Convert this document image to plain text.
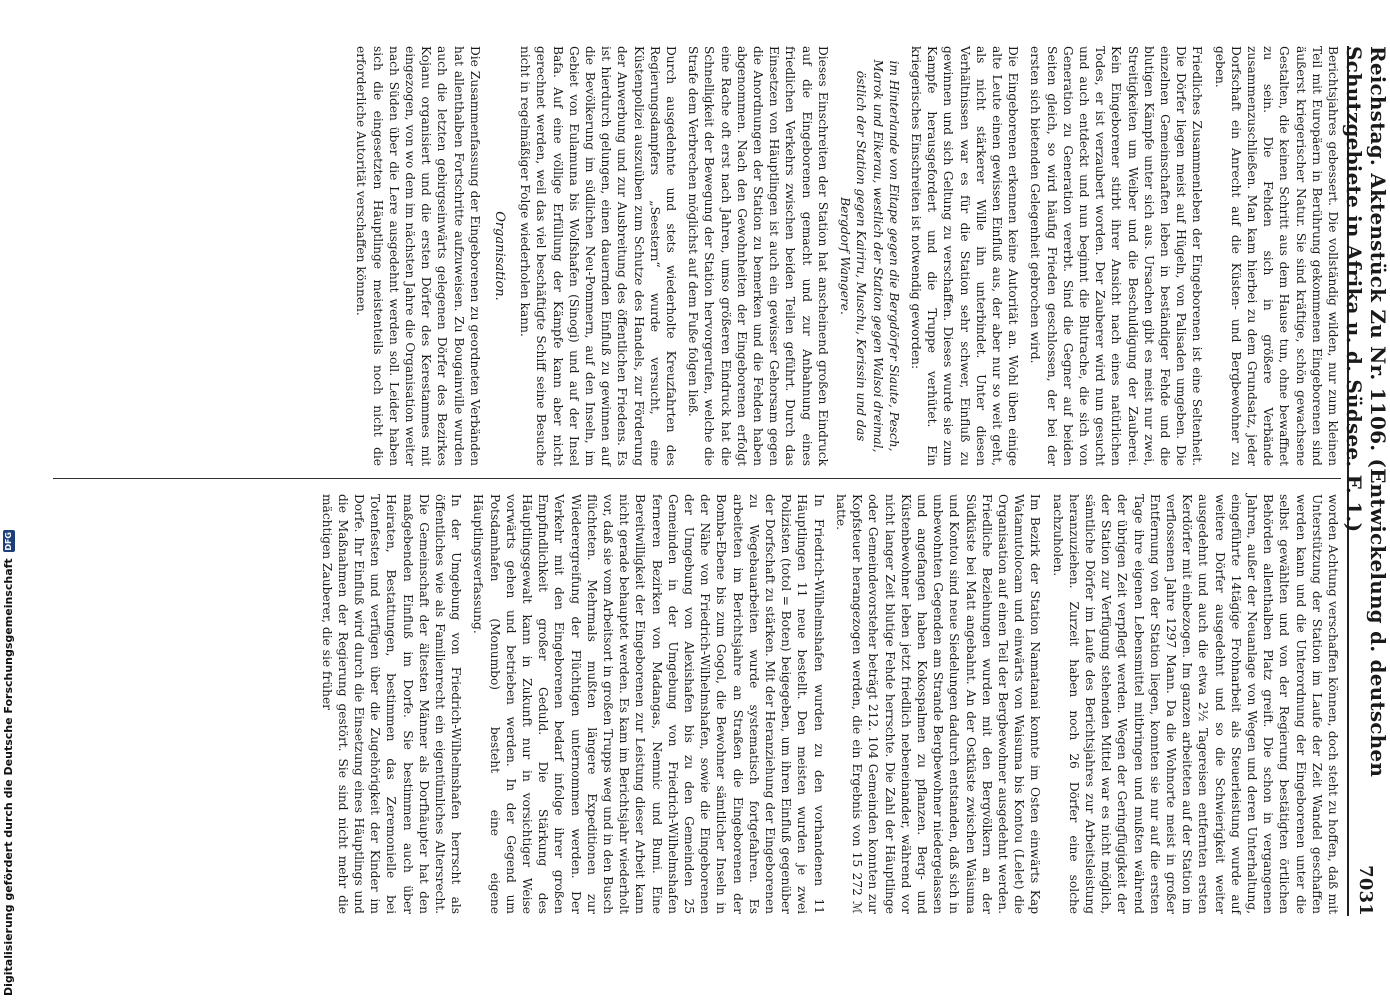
Reichstag. Aktenstück Zu Nr. 1106. (Entwickelung d. deutschen Schutzgebiete in Afrika u. d. Südsee. F. 1.)
7031

Berichtsjahres gebessert. Die vollständig wilden, nur zum kleinen Teil mit Europäern in Berührung gekommenen Eingeborenen sind äußerst kriegerischer Natur. Sie sind kräftige, schön gewachsene Gestalten, die keinen Schritt aus dem Hause tun, ohne bewaffnet zu sein. Die Fehden sich in größere Verbände zusammenzuschließen. Man kam hierbei zu dem Grundsatz, jeder Dorfschaft ein Anrecht auf die Küsten- und Bergbewohner zu geben.

Friedliches Zusammenleben der Eingeborenen ist eine Seltenheit. Die Dörfer liegen meist auf Hügeln, von Palisaden umgeben. Die einzelnen Gemeinschaften leben in beständiger Fehde und die blutigen Kämpfe unter sich aus. Ursachen gibt es meist nur zwei, Streitigkeiten um Weiber und die Beschuldigung der Zauberei. Kein Eingeborener stirbt ihrer Ansicht nach eines natürlichen Todes, er ist verzaubert worden. Der Zauberer wird nun gesucht und auch entdeckt und nun beginnt die Blutrache, die sich von Generation zu Generation vererbt. Sind die Gegner auf beiden Seiten gleich, so wird häufig Frieden geschlossen, der bei der ersten sich bietenden Gelegenheit gebrochen wird.

Die Eingeborenen erkennen keine Autorität an. Wohl üben einige alte Leute einen gewissen Einfluß aus, der aber nur so weit geht, als nicht stärkerer Wille ihn unterbindet. Unter diesen Verhältnissen war es für die Station sehr schwer, Einfluß zu gewinnen und sich Geltung zu verschaffen. Dieses wurde sie zum Kampfe herausgefordert und die Truppe verhütet. Ein kriegerisches Einschreiten ist notwendig geworden:

im Hinterlande von Eitape gegen die Bergdörfer Siaute, Pesch, Marok und Eikerau, westlich der Station gegen Walsoi dreimal, östlich der Station gegen Kairiru, Muschu, Kerissin und das Bergdorf Wangere.

Dieses Einschreiten der Station hat anscheinend großen Eindruck auf die Eingeborenen gemacht und zur Anbahnung eines friedlichen Verkehrs zwischen beiden Teilen geführt. Durch das Einsetzen von Häuptlingen ist auch ein gewisser Gehorsam gegen die Anordnungen der Station zu bemerken und die Fehden haben abgenommen. Nach den Gewohnheiten der Eingeborenen erfolgt eine Rache oft erst nach Jahren, umso größeren Eindruck hat die Schnelligkeit der Bewegung der Station hervorgerufen, welche die Strafe dem Verbrechen möglichst auf dem Fuße folgen ließ.

Durch ausgedehnte und stets wiederholte Kreuzfahrten des Regierungsdampfers „Seestern“ wurde versucht, eine Küstenpolizei auszuüben zum Schutze des Handels, zur Förderung der Anwerbung und zur Ausbreitung des öffentlichen Friedens. Es ist hierdurch gelungen, einen dauernden Einfluß zu gewinnen auf die Bevölkerung im südlichen Neu-Pommern, auf den Inseln, im Gebiet von Eulamuna bis Wolfshafen (Sinogi) und auf der Insel Bafa. Auf eine völlige Erfüllung der Kämpfe kann aber nicht gerechnet werden, weil das viel beschäftigte Schiff seine Besuche nicht in regelmäßiger Folge wiederholen kann.

Organisation.

Die Zusammenfassung der Eingeborenen zu geordneten Verbänden hat allenthalben Fortschritte aufzuweisen. Zu Bougainville wurden auch die letzten gebirgseinwärts gelegenen Dörfer des Bezirkes Kojanu organisiert und die ersten Dörfer des Kerestammes mit eingezogen, von wo dem im nächsten Jahre die Organisation weiter nach Süden über die Lere ausgedehnt werden soll. Leider haben sich die eingesetzten Häuptlinge meistenteils noch nicht die erforderliche Autorität verschaffen können.

worden Achtung verschaffen können, doch steht zu hoffen, daß mit Unterstützung der Station im Laufe der Zeit Wandel geschaffen werden kann und die Unterordnung der Eingeborenen unter die selbst gewählten und von der Regierung bestätigten örtlichen Behörden allenthalben Platz greift. Die schon in vergangenen Jahren, außer der Neuanlage von Wegen und deren Unterhaltung, eingeführte 14tägige Frohnarbeit als Steuerleistung wurde auf weitere Dörfer ausgedehnt und so die Schwierigkeit weiter ausgedehnt und auch die etwa 2½ Tagereisen entfernten ersten Kerdörfer mit einbezogen. Im ganzen arbeiteten auf der Station im verflossenen Jahre 1297 Mann. Da die Wohnorte meist in großer Entfernung von der Station liegen, konnten sie nur auf die ersten Tage ihre eigenen Lebensmittel mitbringen und mußten während der übrigen Zeit verpflegt werden. Wegen der Geringfügigkeit der der Station zur Verfügung stehenden Mittel war es nicht möglich, sämtliche Dörfer im Laufe des Berichtsjahres zur Arbeitsleistung heranzuziehen. Zurzeit haben noch 26 Dörfer eine solche nachzuholen.

Im Bezirk der Station Namatanai konnte im Osten einwärts Kap Watamutolocam und einwärts von Waisuma bis Kontou (Lelet) die Organisation auf einen Teil der Bergbewohner ausgedehnt werden. Friedliche Beziehungen wurden mit den Bergvölkern an der Südküste bei Matt angebahnt. An der Ostküste zwischen Waisuma und Kontou sind neue Siedelungen dadurch entstanden, daß sich in unbewohnten Gegenden am Strande Bergbewohner niedergelassen und angefangen haben Kokospalmen zu pflanzen. Berg- und Küstenbewohner leben jetzt friedlich nebeneinander, während vor nicht langer Zeit blutige Fehde herrschte. Die Zahl der Häuptlinge oder Gemeindevorsteher beträgt 212. 104 Gemeinden konnten zur Kopfsteuer herangezogen werden, die ein Ergebnis von 15 272 ℳ hatte.

In Friedrich-Wilhelmshafen wurden zu den vorhandenen 11 Häuptlingen 11 neue bestellt. Den meisten wurden je zwei Polizisten (totol = Boten) beigegeben, um ihren Einfluß gegenüber der Dorfschaft zu stärken. Mit der Heranziehung der Eingeborenen zu Wegebauarbeiten wurde systematisch fortgefahren. Es arbeiteten im Berichtsjahre an Straßen die Eingeborenen der Bomba-Ebene bis zum Gogol, die Bewohner sämtlicher Inseln in der Nähe von Friedrich-Wilhelmshafen, sowie die Eingeborenen der Umgebung von Alexishafen bis zu den Gemeinden 25 Gemeinden in der Umgebung von Friedrich-Wilhelmshafen ferneren Bezirken von Madangas, Nemnic und Bumi. Eine Bereitwilligkeit der Eingeborenen zur Leistung dieser Arbeit kann nicht gerade behauptet werden. Es kam im Berichtsjahr wiederholt vor, daß sie vom Arbeitsort in großen Trupps weg und in den Busch flüchteten. Mehrmals mußten längere Expeditionen zur Wiederergreifung der Flüchtigen unternommen werden. Der Verkehr mit den Eingeborenen bedarf infolge ihrer großen Empfindlichkeit großer Geduld. Die Stärkung des Häuptlingsgewalt kann in Zukunft nur in vorsichtiger Weise vorwärts gehen und betrieben werden. In der Gegend um Potsdamhafen (Monumbo) besteht eine eigene Häuptlingsverfassung.

In der Umgebung von Friedrich-Wilhelmshafen herrscht als öffentliches wie als Familienrecht ein eigentümliches Altersrecht. Die Gemeinschaft der ältesten Männer als Dorfhäupter hat den maßgebenden Einfluß im Dorfe. Sie bestimmen auch über Heiraten, Bestattungen, bestimmen das Zeremonielle bei Totenfesten und verfügen über die Zugehörigkeit der Kinder im Dorfe. Ihr Einfluß wird durch die Einsetzung eines Häuptlings und die Maßnahmen der Regierung gestört. Sie sind nicht mehr die mächtigen Zauberer, die sie früher

Digitalisierung gefördert durch die Deutsche Forschungsgemeinschaft
DFG
